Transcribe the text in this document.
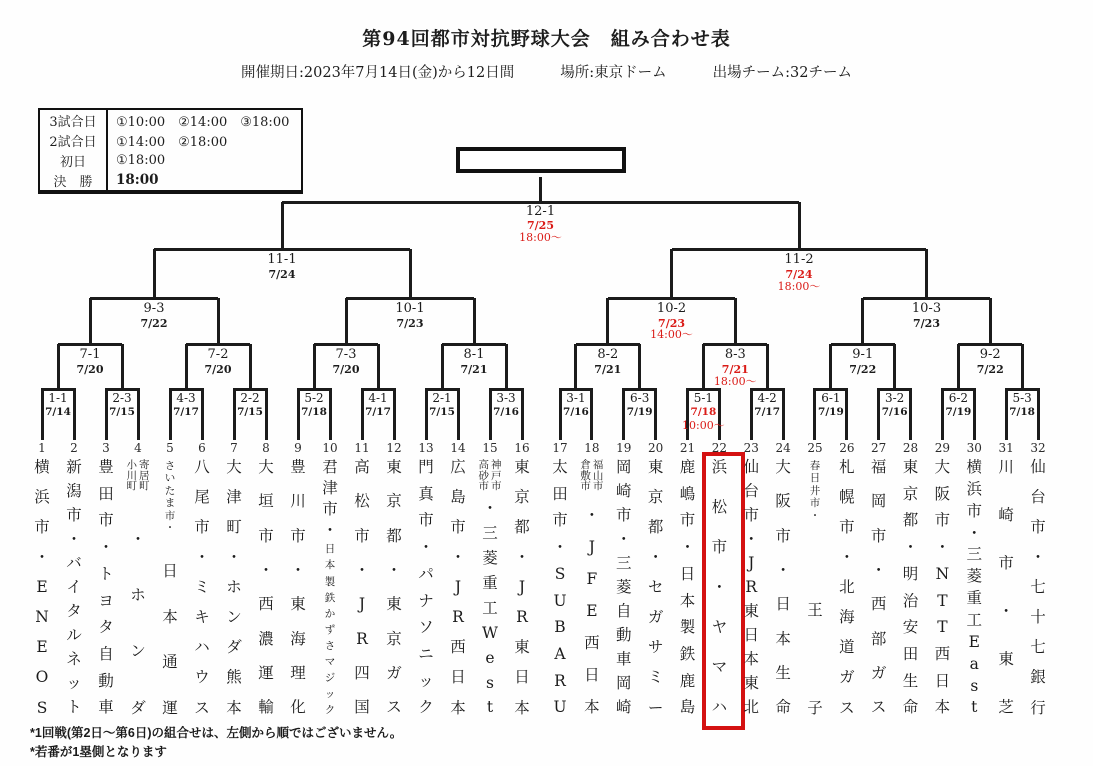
第94回都市対抗野球大会　組み合わせ表
開催期日:2023年7月14日(金)から12日間	場所:東京ドーム	出場チーム:32チーム
3試合日	①10:00　②14:00　③18:00
2試合日	①14:00　②18:00
初日	①18:00
決　勝	18:00
12-1
7/25
18:00〜
11-1
7/24
11-2
7/24
18:00〜
9-3
7/22
10-1
7/23
10-2
7/23
14:00〜
10-3
7/23
7-1
7/20
7-2
7/20
7-3
7/20
8-1
7/21
8-2
7/21
8-3
7/21
18:00〜
9-1
7/22
9-2
7/22
1-1
7/14
2-3
7/15
4-3
7/17
2-2
7/15
5-2
7/18
4-1
7/17
2-1
7/15
3-3
7/16
3-1
7/16
6-3
7/19
5-1
7/18
10:00〜
4-2
7/17
6-1
7/19
3-2
7/16
6-2
7/19
5-3
7/18
1
横
浜
市
・
E
N
E
O
S
2
新
潟
市
・
バ
イ
タ
ル
ネ
ッ
ト
3
豊
田
市
・
ト
ヨ
タ
自
動
車
4
寄
居
町
小
川
町
・
ホ
ン
ダ
5
さ
い
た
ま
市
・
日
本
通
運
6
八
尾
市
・
ミ
キ
ハ
ウ
ス
7
大
津
町
・
ホ
ン
ダ
熊
本
8
大
垣
市
・
西
濃
運
輸
9
豊
川
市
・
東
海
理
化
10
君
津
市
・
日
本
製
鉄
か
ず
さ
マ
ジ
ッ
ク
11
高
松
市
・
J
R
四
国
12
東
京
都
・
東
京
ガ
ス
13
門
真
市
・
パ
ナ
ソ
ニ
ッ
ク
14
広
島
市
・
J
R
西
日
本
15
神
戸
市
高
砂
市
・
三
菱
重
工
W
e
s
t
16
東
京
都
・
J
R
東
日
本
17
太
田
市
・
S
U
B
A
R
U
18
福
山
市
倉
敷
市
・
J
F
E
西
日
本
19
岡
崎
市
・
三
菱
自
動
車
岡
崎
20
東
京
都
・
セ
ガ
サ
ミ
ー
21
鹿
嶋
市
・
日
本
製
鉄
鹿
島
22
浜
松
市
・
ヤ
マ
ハ
23
仙
台
市
・
J
R
東
日
本
東
北
24
大
阪
市
・
日
本
生
命
25
春
日
井
市
・
王
子
26
札
幌
市
・
北
海
道
ガ
ス
27
福
岡
市
・
西
部
ガ
ス
28
東
京
都
・
明
治
安
田
生
命
29
大
阪
市
・
N
T
T
西
日
本
30
横
浜
市
・
三
菱
重
工
E
a
s
t
31
川
崎
市
・
東
芝
32
仙
台
市
・
七
十
七
銀
行
*1回戦(第2日〜第6日)の組合せは、左側から順ではございません。
*若番が1塁側となります
